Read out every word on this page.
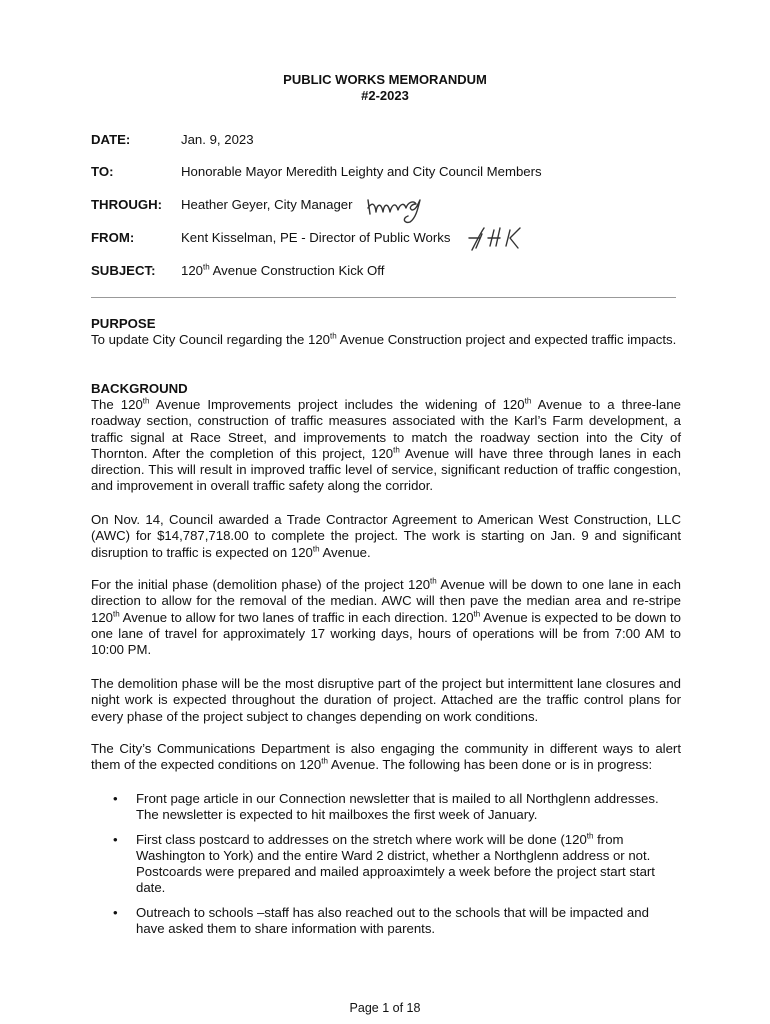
PUBLIC WORKS MEMORANDUM
#2-2023
DATE:	Jan. 9, 2023
TO:	Honorable Mayor Meredith Leighty and City Council Members
THROUGH: Heather Geyer, City Manager
FROM:	Kent Kisselman, PE - Director of Public Works
SUBJECT: 120th Avenue Construction Kick Off
PURPOSE
To update City Council regarding the 120th Avenue Construction project and expected traffic impacts.
BACKGROUND
The 120th Avenue Improvements project includes the widening of 120th Avenue to a three-lane roadway section, construction of traffic measures associated with the Karl’s Farm development, a traffic signal at Race Street, and improvements to match the roadway section into the City of Thornton. After the completion of this project, 120th Avenue will have three through lanes in each direction. This will result in improved traffic level of service, significant reduction of traffic congestion, and improvement in overall traffic safety along the corridor.
On Nov. 14, Council awarded a Trade Contractor Agreement to American West Construction, LLC (AWC) for $14,787,718.00 to complete the project. The work is starting on Jan. 9 and significant disruption to traffic is expected on 120th Avenue.
For the initial phase (demolition phase) of the project 120th Avenue will be down to one lane in each direction to allow for the removal of the median. AWC will then pave the median area and re-stripe 120th Avenue to allow for two lanes of traffic in each direction. 120th Avenue is expected to be down to one lane of travel for approximately 17 working days, hours of operations will be from 7:00 AM to 10:00 PM.
The demolition phase will be the most disruptive part of the project but intermittent lane closures and night work is expected throughout the duration of project. Attached are the traffic control plans for every phase of the project subject to changes depending on work conditions.
The City’s Communications Department is also engaging the community in different ways to alert them of the expected conditions on 120th Avenue. The following has been done or is in progress:
• Front page article in our Connection newsletter that is mailed to all Northglenn addresses. The newsletter is expected to hit mailboxes the first week of January.
• First class postcard to addresses on the stretch where work will be done (120th from Washington to York) and the entire Ward 2 district, whether a Northglenn address or not. Postcoards were prepared and mailed approaximtely a week before the project start start date.
• Outreach to schools –staff has also reached out to the schools that will be impacted and have asked them to share information with parents.
Page 1 of 18
